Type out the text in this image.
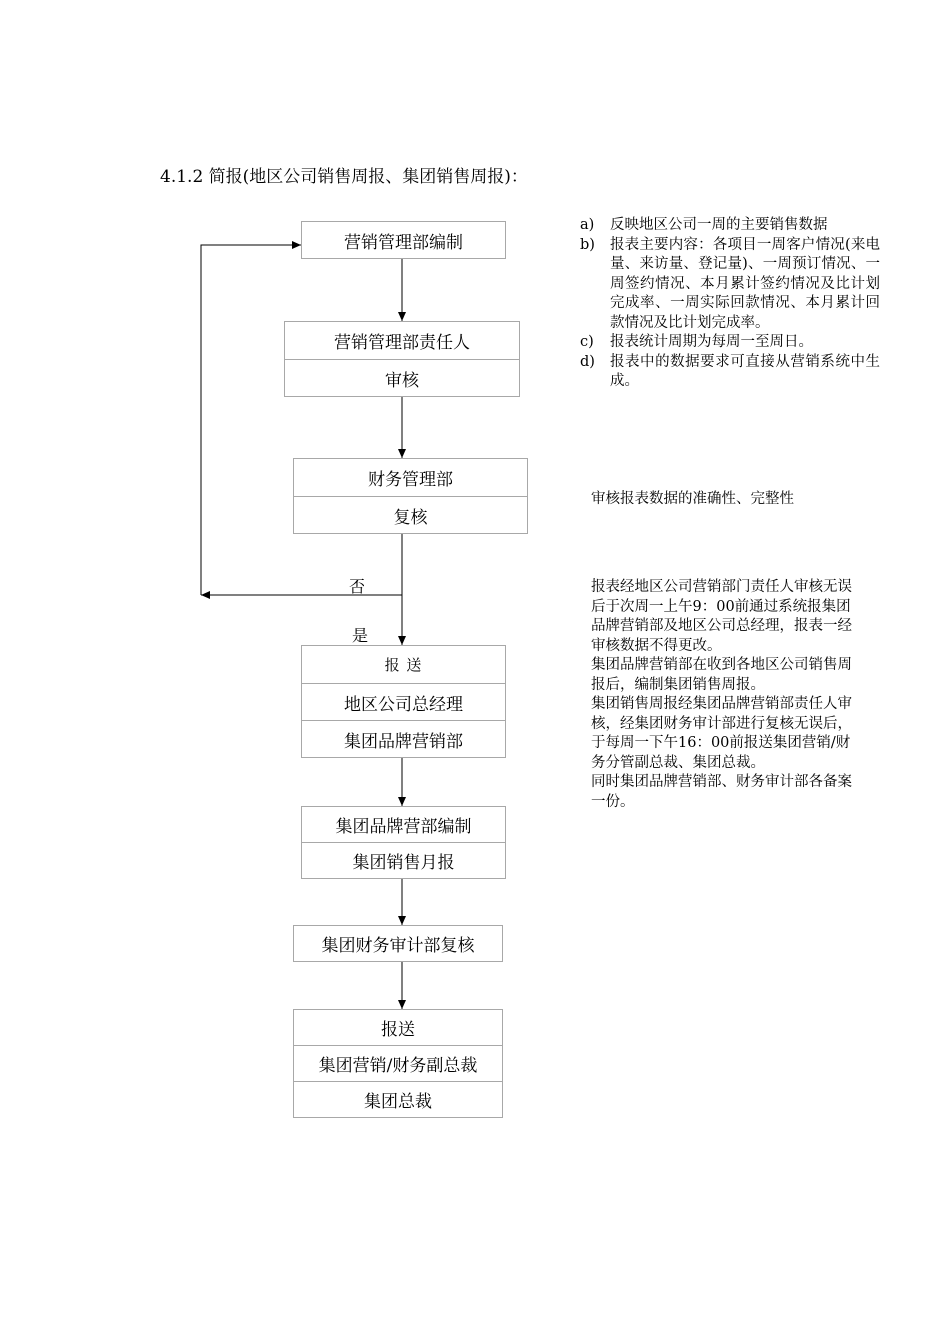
4.1.2 简报(地区公司销售周报、集团销售周报)：
营销管理部编制
营销管理部责任人
审核
财务管理部
复核
否
是
报 送
地区公司总经理
集团品牌营销部
集团品牌营部编制
集团销售月报
集团财务审计部复核
报送
集团营销/财务副总裁
集团总裁
a)	反映地区公司一周的主要销售数据
b)	报表主要内容：各项目一周客户情况(来电量、来访量、登记量)、一周预订情况、一周签约情况、本月累计签约情况及比计划完成率、一周实际回款情况、本月累计回款情况及比计划完成率。
c)	报表统计周期为每周一至周日。
d)	报表中的数据要求可直接从营销系统中生成。
审核报表数据的准确性、完整性

报表经地区公司营销部门责任人审核无误后于次周一上午9：00前通过系统报集团品牌营销部及地区公司总经理，报表一经审核数据不得更改。

集团品牌营销部在收到各地区公司销售周报后，编制集团销售周报。

集团销售周报经集团品牌营销部责任人审核，经集团财务审计部进行复核无误后，于每周一下午16：00前报送集团营销/财务分管副总裁、集团总裁。

同时集团品牌营销部、财务审计部各备案一份。
